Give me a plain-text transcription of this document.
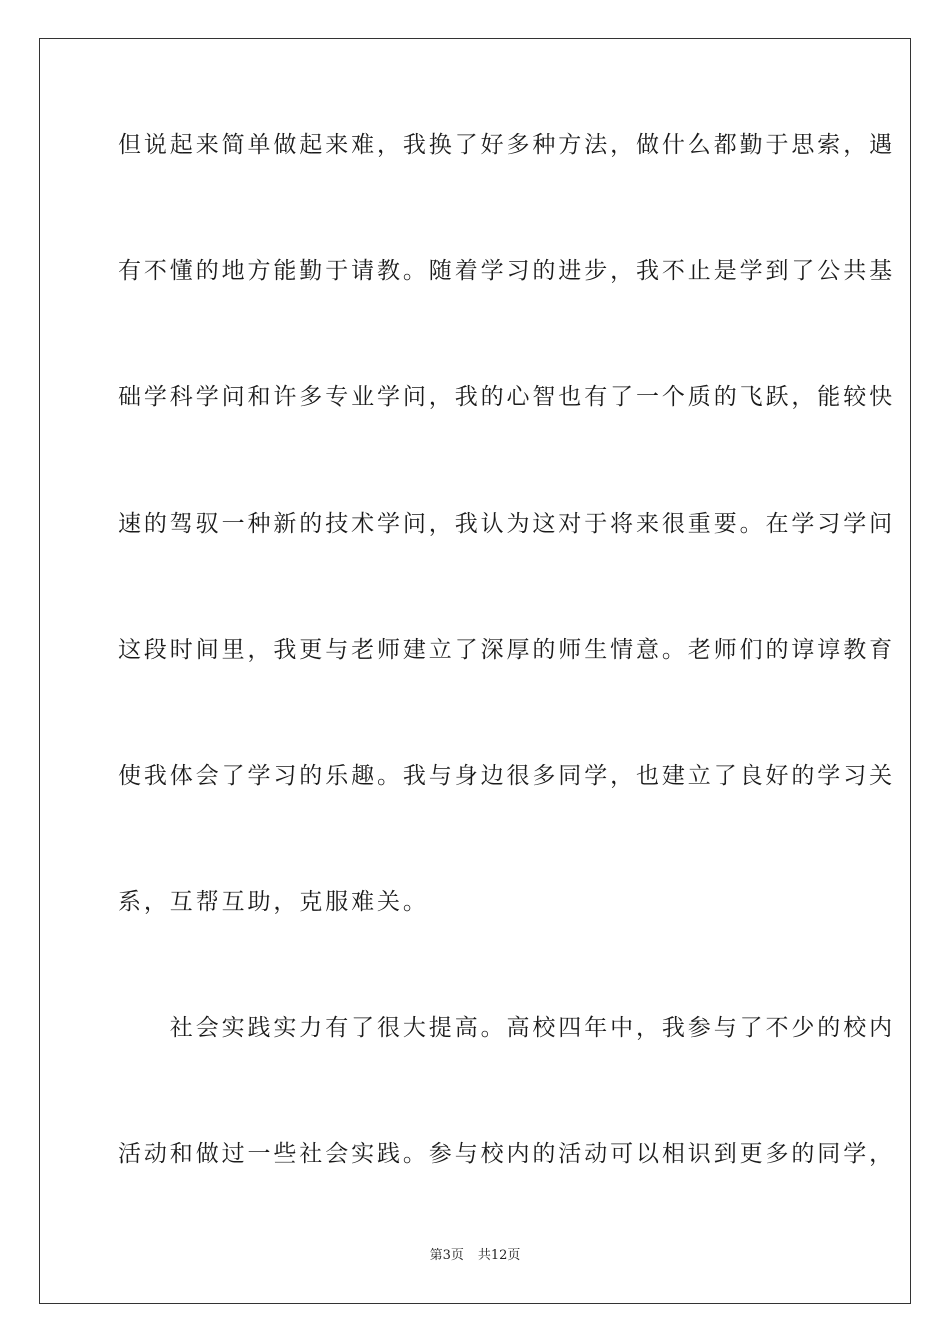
但说起来简单做起来难，我换了好多种方法，做什么都勤于思索，遇
有不懂的地方能勤于请教。随着学习的进步，我不止是学到了公共基
础学科学问和许多专业学问，我的心智也有了一个质的飞跃，能较快
速的驾驭一种新的技术学问，我认为这对于将来很重要。在学习学问
这段时间里，我更与老师建立了深厚的师生情意。老师们的谆谆教育
使我体会了学习的乐趣。我与身边很多同学，也建立了良好的学习关
系，互帮互助，克服难关。
　　社会实践实力有了很大提高。高校四年中，我参与了不少的校内
活动和做过一些社会实践。参与校内的活动可以相识到更多的同学，
第3页 共12页
